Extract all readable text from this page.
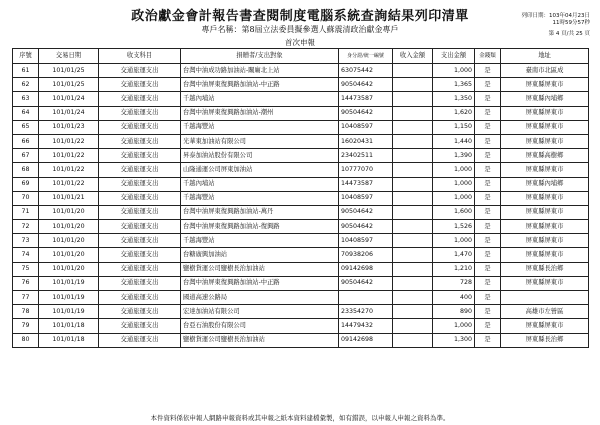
政治獻金會計報告書查閱制度電腦系統查詢結果列印清單
專戶名稱：第8屆立法委員擬參選人蘇震清政治獻金專戶
首次申報
列印日期：103年04月23日
11時59分57秒
第 4 頁/共 25 頁
序號	交易日期	收支科目	捐贈者/支出對象	身分證/統一編號	收入金額	支出金額	金錢類	地址
61	101/01/25	交通旅運支出	台灣中油成功路加油站-關廟北上站	63075442		1,000	是	臺南市北區成
62	101/01/25	交通旅運支出	台灣中油屏東復興路加油站-中正路	90504642		1,365	是	屏東縣屏東市
63	101/01/24	交通旅運支出	千越內埔站	14473587		1,350	是	屏東縣內埔鄉
64	101/01/24	交通旅運支出	台灣中油屏東復興路加油站-潮州	90504642		1,620	是	屏東縣屏東市
65	101/01/23	交通旅運支出	千越海豐站	10408597		1,150	是	屏東縣屏東市
66	101/01/22	交通旅運支出	光華東加油站有限公司	16020431		1,440	是	屏東縣屏東市
67	101/01/22	交通旅運支出	昇泰加油站股份有限公司	23402511		1,390	是	屏東縣高樹鄉
68	101/01/22	交通旅運支出	山隆通運公司屏東加油站	10777070		1,000	是	屏東縣屏東市
69	101/01/22	交通旅運支出	千越內埔站	14473587		1,000	是	屏東縣內埔鄉
70	101/01/21	交通旅運支出	千越海豐站	10408597		1,000	是	屏東縣屏東市
71	101/01/20	交通旅運支出	台灣中油屏東復興路加油站-萬丹	90504642		1,600	是	屏東縣屏東市
72	101/01/20	交通旅運支出	台灣中油屏東復興路加油站-復興路	90504642		1,526	是	屏東縣屏東市
73	101/01/20	交通旅運支出	千越海豐站	10408597		1,000	是	屏東縣屏東市
74	101/01/20	交通旅運支出	台糖廣興加油站	70938206		1,470	是	屏東縣屏東市
75	101/01/20	交通旅運支出	鹽樹貨運公司鹽樹長治加油站	09142698		1,210	是	屏東縣長治鄉
76	101/01/19	交通旅運支出	台灣中油屏東復興路加油站-中正路	90504642		728	是	屏東縣屏東市
77	101/01/19	交通旅運支出	國道高速公路局			400	是	
78	101/01/19	交通旅運支出	宏達加油站有限公司	23354270		890	是	高雄市左營區
79	101/01/18	交通旅運支出	台亞石油股份有限公司	14479432		1,000	是	屏東縣屏東市
80	101/01/18	交通旅運支出	鹽樹貨運公司鹽樹長治加油站	09142698		1,300	是	屏東縣長治鄉
本件資料係依申報人網路申報資料或其申報之紙本資料建檔彙製，如有錯誤，以申報人申報之資料為準。
